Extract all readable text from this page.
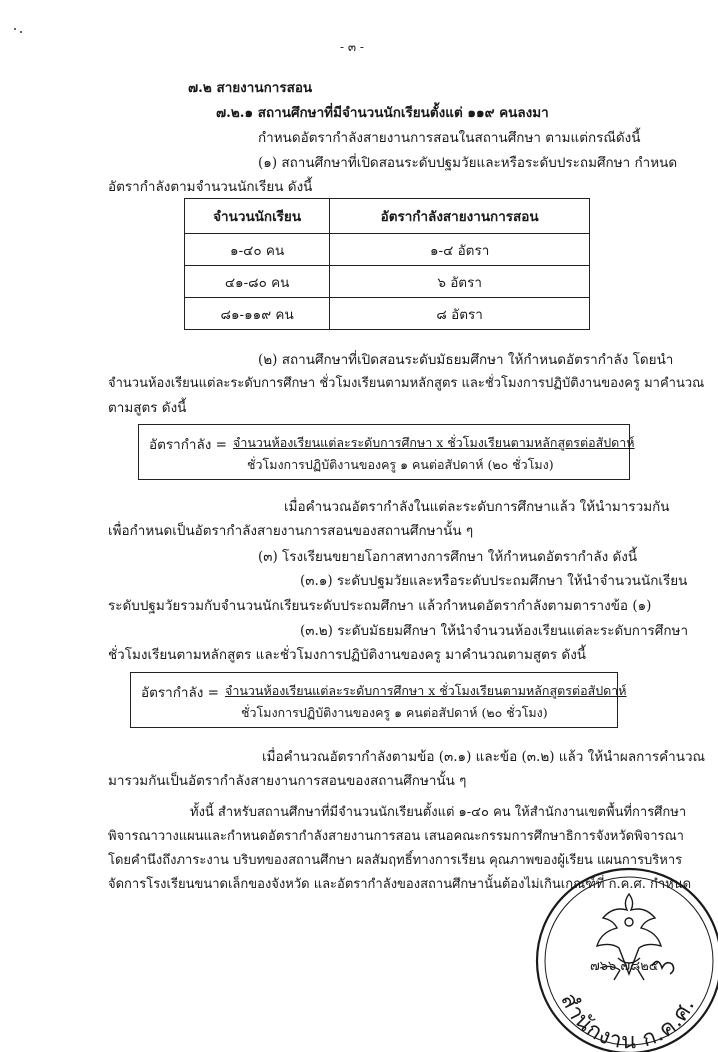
- ๓ -
๗.๒ สายงานการสอน
๗.๒.๑ สถานศึกษาที่มีจำนวนนักเรียนตั้งแต่ ๑๑๙ คนลงมา
กำหนดอัตรากำลังสายงานการสอนในสถานศึกษา ตามแต่กรณีดังนี้
(๑) สถานศึกษาที่เปิดสอนระดับปฐมวัยและหรือระดับประถมศึกษา กำหนด
อัตรากำลังตามจำนวนนักเรียน ดังนี้
จำนวนนักเรียน	อัตรากำลังสายงานการสอน
๑-๔๐ คน	๑-๔ อัตรา
๔๑-๘๐ คน	๖ อัตรา
๘๑-๑๑๙ คน	๘ อัตรา
(๒) สถานศึกษาที่เปิดสอนระดับมัธยมศึกษา ให้กำหนดอัตรากำลัง โดยนำ
จำนวนห้องเรียนแต่ละระดับการศึกษา ชั่วโมงเรียนตามหลักสูตร และชั่วโมงการปฏิบัติงานของครู มาคำนวณ
ตามสูตร ดังนี้
อัตรากำลัง = จำนวนห้องเรียนแต่ละระดับการศึกษา x ชั่วโมงเรียนตามหลักสูตรต่อสัปดาห์
ชั่วโมงการปฏิบัติงานของครู ๑ คนต่อสัปดาห์ (๒๐ ชั่วโมง)
เมื่อคำนวณอัตรากำลังในแต่ละระดับการศึกษาแล้ว ให้นำมารวมกัน
เพื่อกำหนดเป็นอัตรากำลังสายงานการสอนของสถานศึกษานั้น ๆ
(๓) โรงเรียนขยายโอกาสทางการศึกษา ให้กำหนดอัตรากำลัง ดังนี้
(๓.๑) ระดับปฐมวัยและหรือระดับประถมศึกษา ให้นำจำนวนนักเรียน
ระดับปฐมวัยรวมกับจำนวนนักเรียนระดับประถมศึกษา แล้วกำหนดอัตรากำลังตามตารางข้อ (๑)
(๓.๒) ระดับมัธยมศึกษา ให้นำจำนวนห้องเรียนแต่ละระดับการศึกษา
ชั่วโมงเรียนตามหลักสูตร และชั่วโมงการปฏิบัติงานของครู มาคำนวณตามสูตร ดังนี้
อัตรากำลัง = จำนวนห้องเรียนแต่ละระดับการศึกษา x ชั่วโมงเรียนตามหลักสูตรต่อสัปดาห์
ชั่วโมงการปฏิบัติงานของครู ๑ คนต่อสัปดาห์ (๒๐ ชั่วโมง)
เมื่อคำนวณอัตรากำลังตามข้อ (๓.๑) และข้อ (๓.๒) แล้ว ให้นำผลการคำนวณ
มารวมกันเป็นอัตรากำลังสายงานการสอนของสถานศึกษานั้น ๆ
ทั้งนี้ สำหรับสถานศึกษาที่มีจำนวนนักเรียนตั้งแต่ ๑-๔๐ คน ให้สำนักงานเขตพื้นที่การศึกษา
พิจารณาวางแผนและกำหนดอัตรากำลังสายงานการสอน เสนอคณะกรรมการศึกษาธิการจังหวัดพิจารณา
โดยคำนึงถึงภาระงาน บริบทของสถานศึกษา ผลสัมฤทธิ์ทางการเรียน คุณภาพของผู้เรียน แผนการบริหาร
จัดการโรงเรียนขนาดเล็กของจังหวัด และอัตรากำลังของสถานศึกษานั้นต้องไม่เกินเกณฑ์ที่ ก.ค.ศ. กำหนด
๗๖๖ ๗๘๒๕
สำนักงาน ก.ค.ศ.
